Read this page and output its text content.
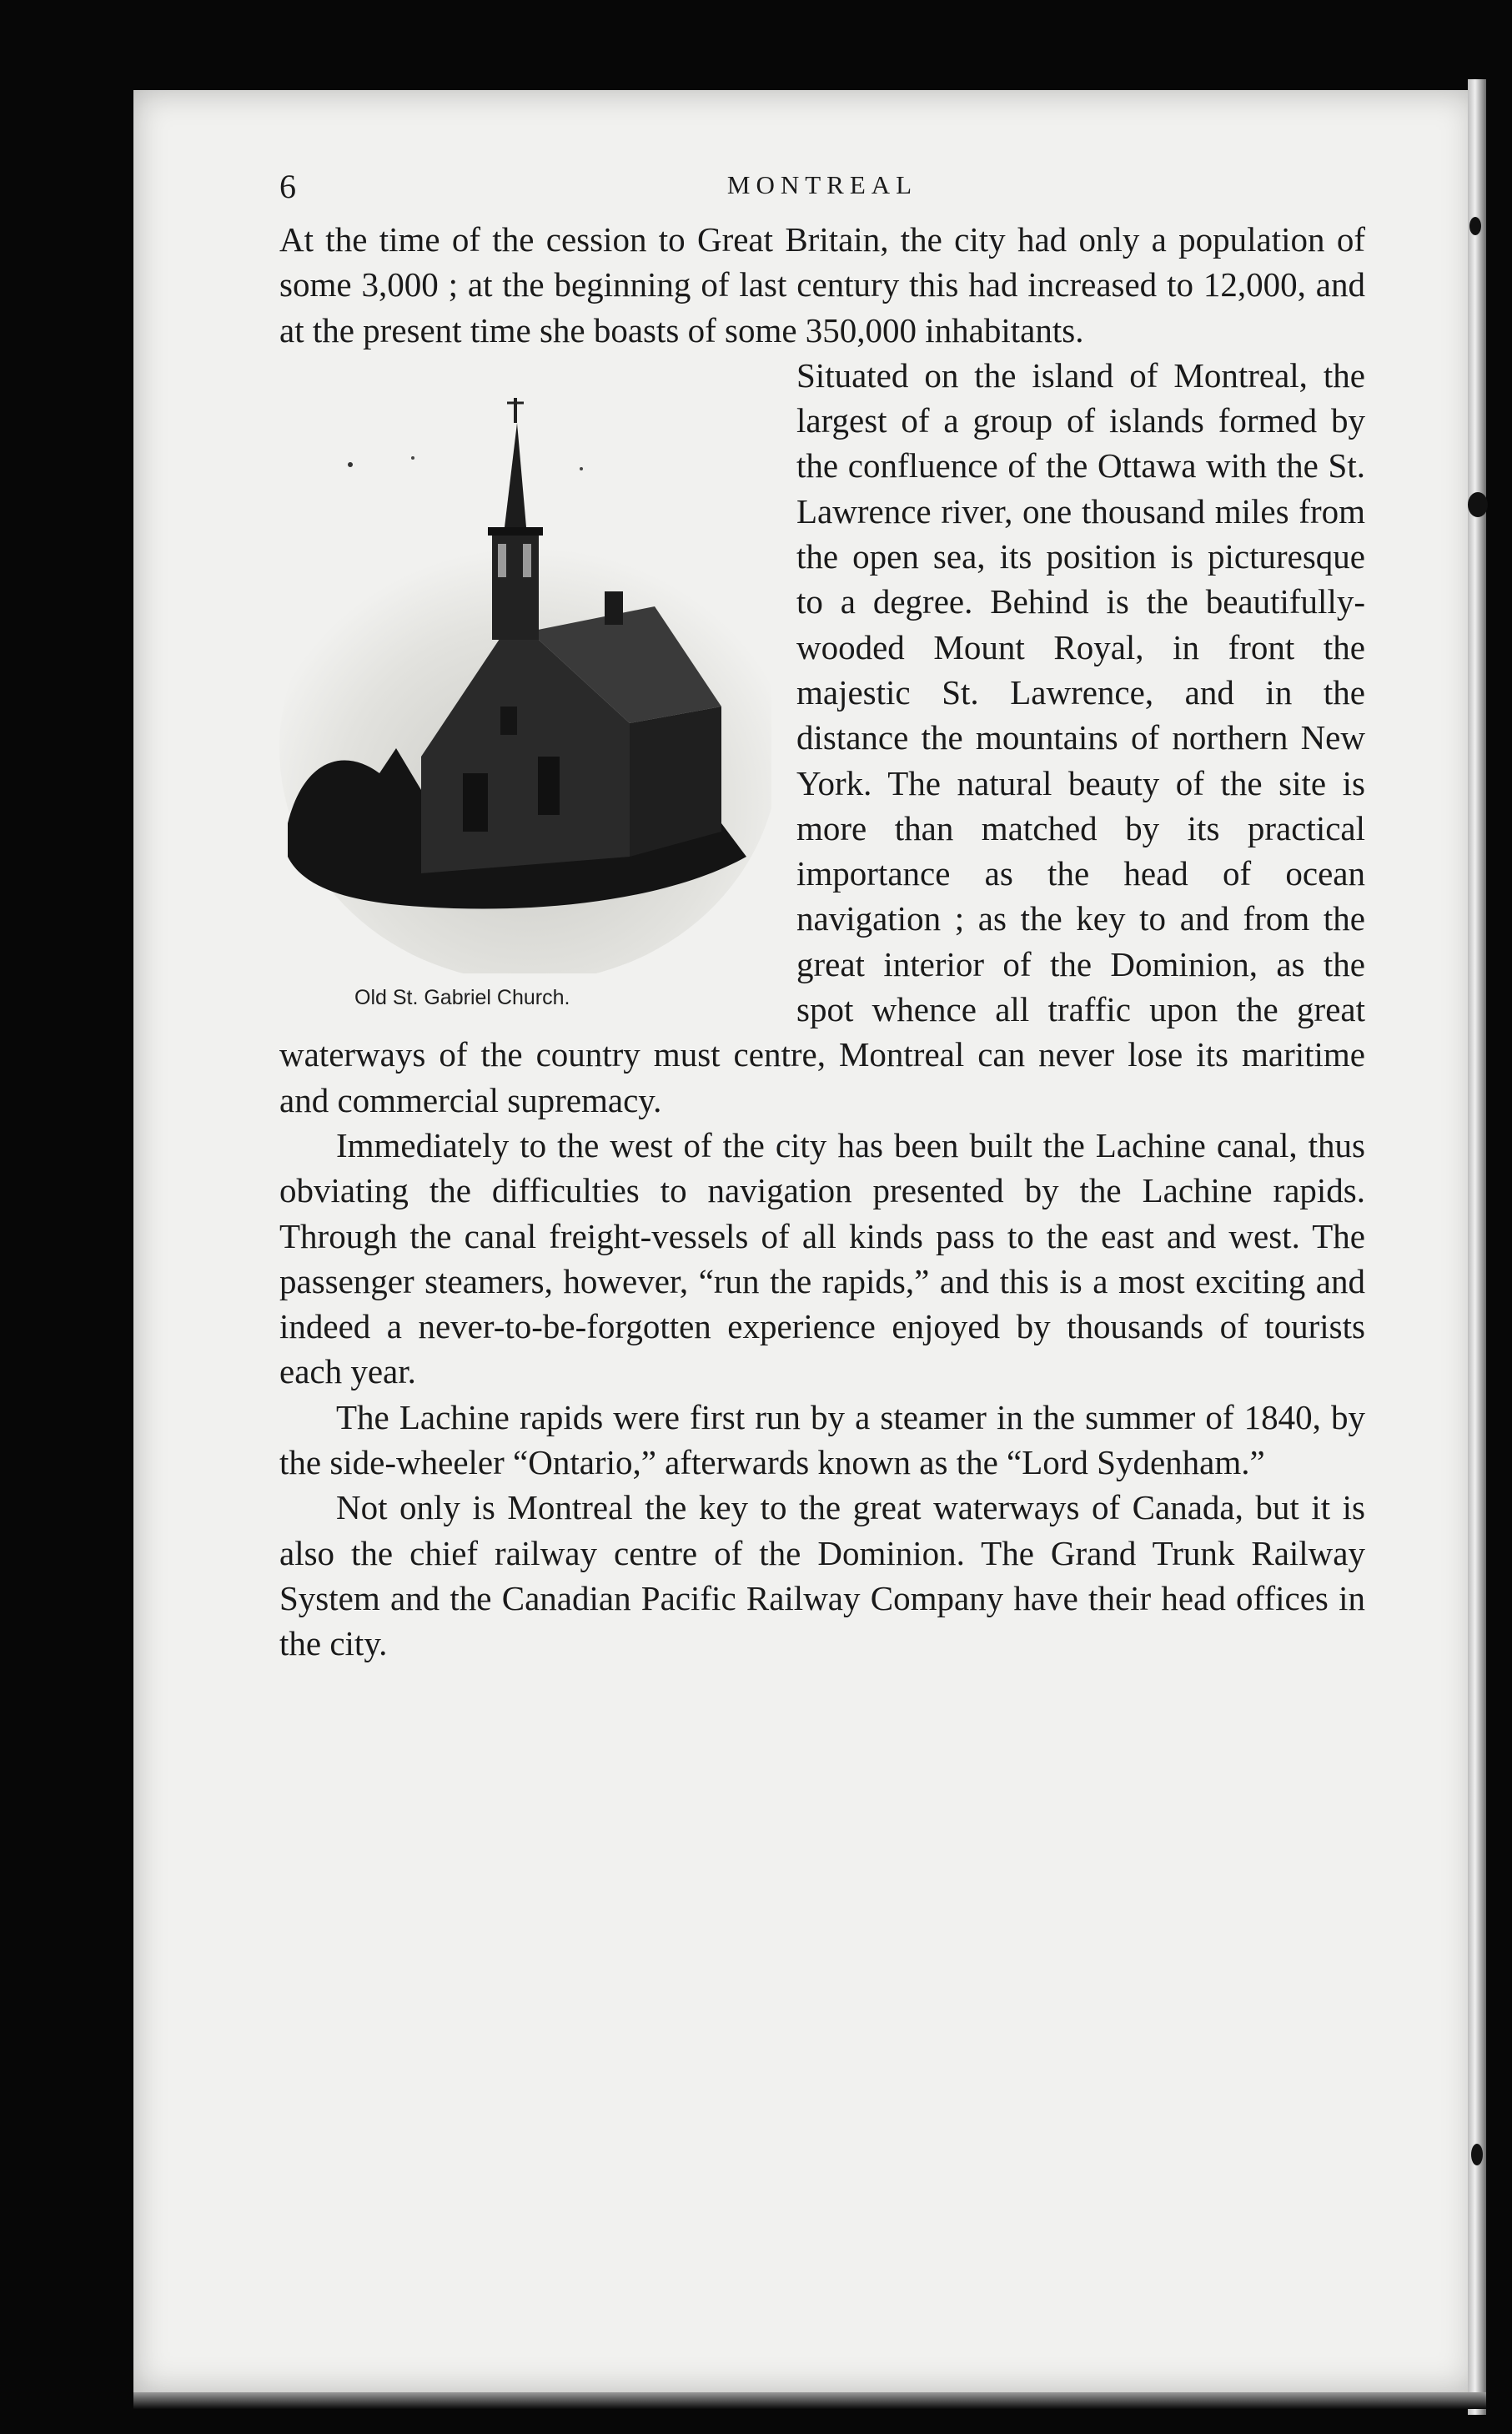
6	MONTREAL

At the time of the cession to Great Britain, the city had only a population of some 3,000 ; at the beginning of last century this had increased to 12,000, and at the present time she boasts of some 350,000 inhabitants.

Old St. Gabriel Church.

Situated on the island of Montreal, the largest of a group of islands formed by the confluence of the Ottawa with the St. Lawrence river, one thousand miles from the open sea, its position is picturesque to a degree. Behind is the beautifully-wooded Mount Royal, in front the majestic St. Lawrence, and in the distance the mountains of northern New York. The natural beauty of the site is more than matched by its practical importance as the head of ocean navigation ; as the key to and from the great interior of the Dominion, as the spot whence all traffic upon the great waterways of the country must centre, Montreal can never lose its maritime and commercial supremacy.

Immediately to the west of the city has been built the Lachine canal, thus obviating the difficulties to navigation presented by the Lachine rapids. Through the canal freight-vessels of all kinds pass to the east and west. The passenger steamers, however, “run the rapids,” and this is a most exciting and indeed a never-to-be-forgotten experience enjoyed by thousands of tourists each year.

The Lachine rapids were first run by a steamer in the summer of 1840, by the side-wheeler “Ontario,” afterwards known as the “Lord Sydenham.”

Not only is Montreal the key to the great waterways of Canada, but it is also the chief railway centre of the Dominion. The Grand Trunk Railway System and the Canadian Pacific Railway Company have their head offices in the city.
